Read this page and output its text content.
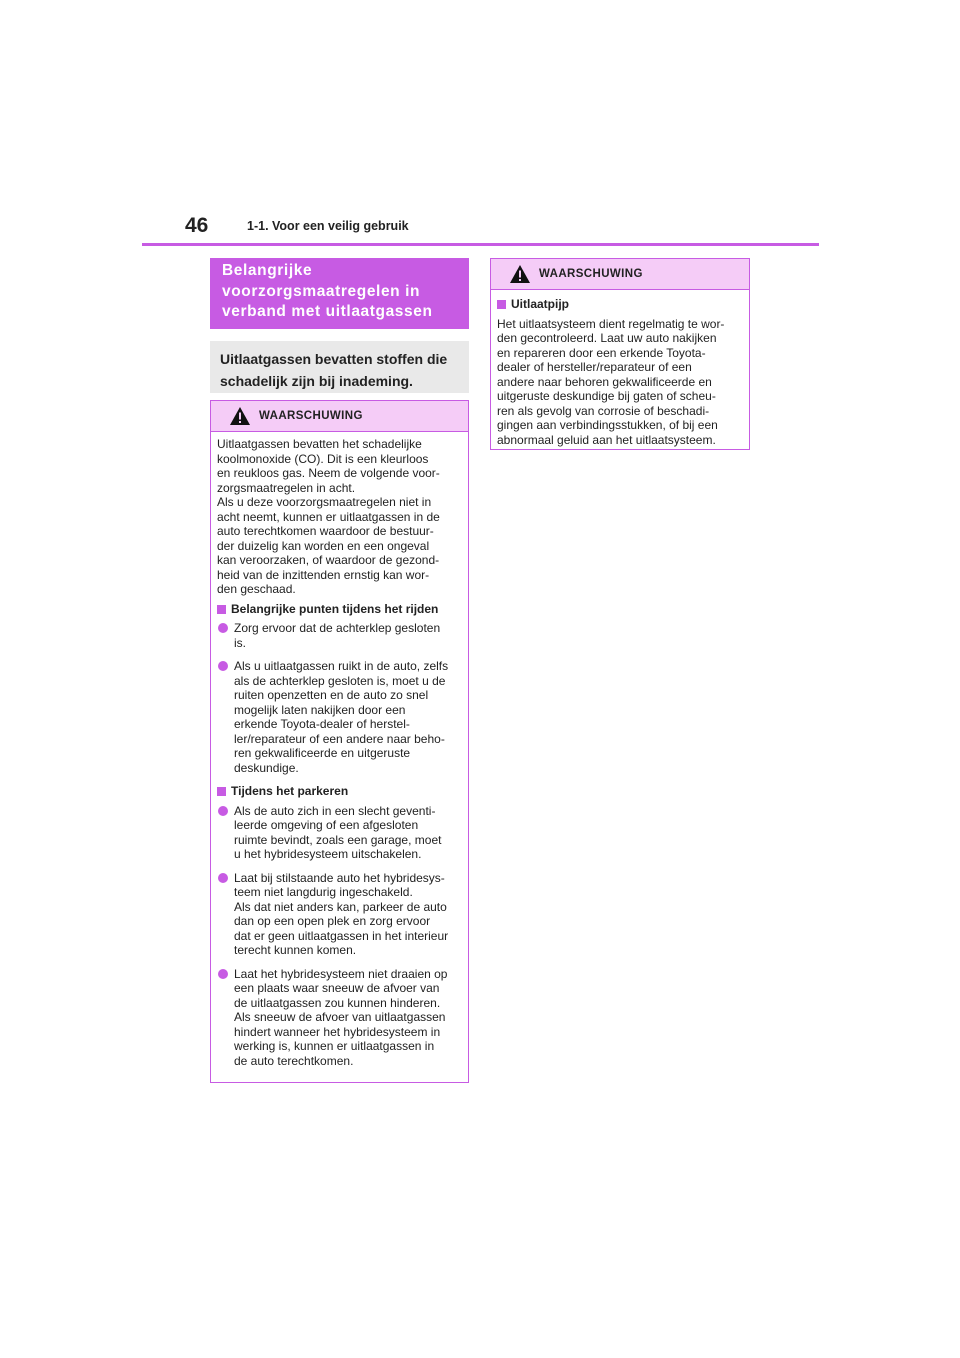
46	1-1. Voor een veilig gebruik
Belangrijke
voorzorgsmaatregelen in
verband met uitlaatgassen
Uitlaatgassen bevatten stoffen die
schadelijk zijn bij inademing.
WAARSCHUWING
Uitlaatgassen bevatten het schadelijke
koolmonoxide (CO). Dit is een kleurloos
en reukloos gas. Neem de volgende voor-
zorgsmaatregelen in acht.
Als u deze voorzorgsmaatregelen niet in
acht neemt, kunnen er uitlaatgassen in de
auto terechtkomen waardoor de bestuur-
der duizelig kan worden en een ongeval
kan veroorzaken, of waardoor de gezond-
heid van de inzittenden ernstig kan wor-
den geschaad.
Belangrijke punten tijdens het rijden
Zorg ervoor dat de achterklep gesloten
is.
Als u uitlaatgassen ruikt in de auto, zelfs
als de achterklep gesloten is, moet u de
ruiten openzetten en de auto zo snel
mogelijk laten nakijken door een
erkende Toyota-dealer of herstel-
ler/reparateur of een andere naar beho-
ren gekwalificeerde en uitgeruste
deskundige.
Tijdens het parkeren
Als de auto zich in een slecht geventi-
leerde omgeving of een afgesloten
ruimte bevindt, zoals een garage, moet
u het hybridesysteem uitschakelen.
Laat bij stilstaande auto het hybridesys-
teem niet langdurig ingeschakeld.
Als dat niet anders kan, parkeer de auto
dan op een open plek en zorg ervoor
dat er geen uitlaatgassen in het interieur
terecht kunnen komen.
Laat het hybridesysteem niet draaien op
een plaats waar sneeuw de afvoer van
de uitlaatgassen zou kunnen hinderen.
Als sneeuw de afvoer van uitlaatgassen
hindert wanneer het hybridesysteem in
werking is, kunnen er uitlaatgassen in
de auto terechtkomen.
WAARSCHUWING
Uitlaatpijp
Het uitlaatsysteem dient regelmatig te wor-
den gecontroleerd. Laat uw auto nakijken
en repareren door een erkende Toyota-
dealer of hersteller/reparateur of een
andere naar behoren gekwalificeerde en
uitgeruste deskundige bij gaten of scheu-
ren als gevolg van corrosie of beschadi-
gingen aan verbindingsstukken, of bij een
abnormaal geluid aan het uitlaatsysteem.
